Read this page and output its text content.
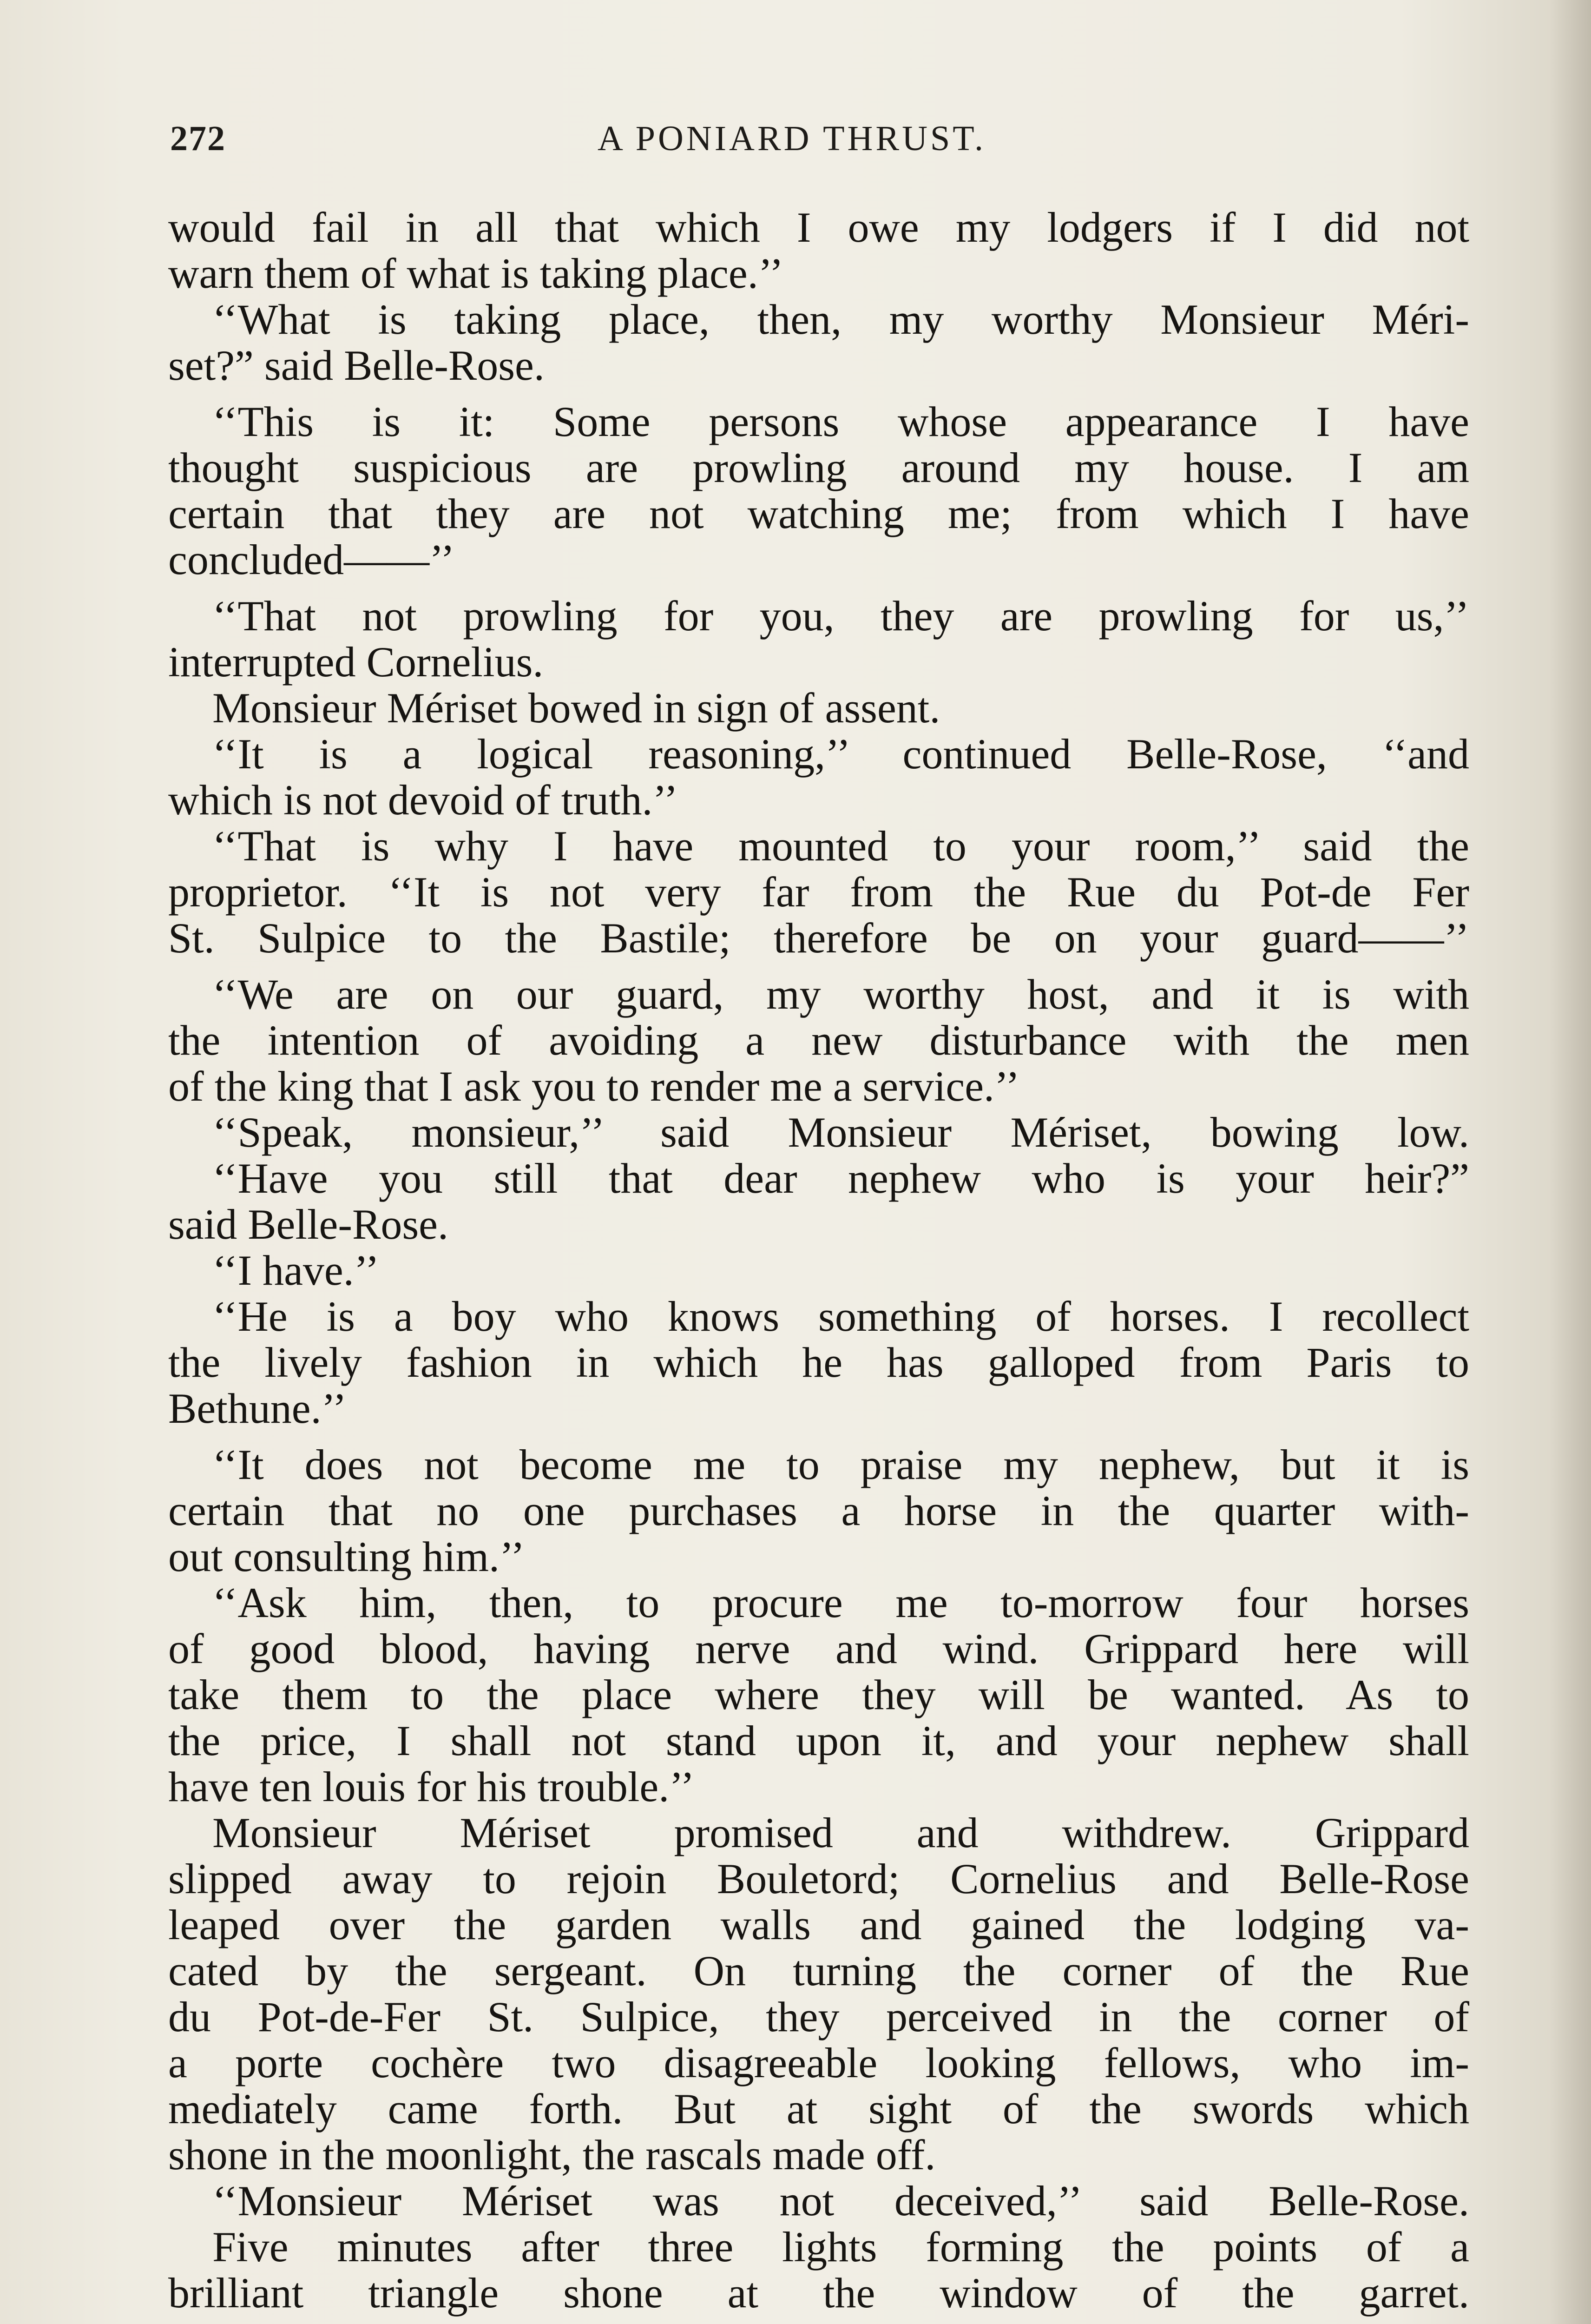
272	A PONIARD THRUST.
would fail in all that which I owe my lodgers if I did not
warn them of what is taking place.’’
‘‘What is taking place, then, my worthy Monsieur Méri-
set?” said Belle-Rose.
‘‘This is it: Some persons whose appearance I have
thought suspicious are prowling around my house. I am
certain that they are not watching me; from which I have
concluded——’’
‘‘That not prowling for you, they are prowling for us,’’
interrupted Cornelius.
Monsieur Mériset bowed in sign of assent.
‘‘It is a logical reasoning,’’ continued Belle-Rose, ‘‘and
which is not devoid of truth.’’
‘‘That is why I have mounted to your room,’’ said the
proprietor. ‘‘It is not very far from the Rue du Pot-de Fer
St. Sulpice to the Bastile; therefore be on your guard——’’
‘‘We are on our guard, my worthy host, and it is with
the intention of avoiding a new disturbance with the men
of the king that I ask you to render me a service.’’
‘‘Speak, monsieur,’’ said Monsieur Mériset, bowing low.
‘‘Have you still that dear nephew who is your heir?”
said Belle-Rose.
‘‘I have.’’
‘‘He is a boy who knows something of horses. I recollect
the lively fashion in which he has galloped from Paris to
Bethune.’’
‘‘It does not become me to praise my nephew, but it is
certain that no one purchases a horse in the quarter with-
out consulting him.’’
‘‘Ask him, then, to procure me to-morrow four horses
of good blood, having nerve and wind. Grippard here will
take them to the place where they will be wanted. As to
the price, I shall not stand upon it, and your nephew shall
have ten louis for his trouble.’’
Monsieur Mériset promised and withdrew. Grippard
slipped away to rejoin Bouletord; Cornelius and Belle-Rose
leaped over the garden walls and gained the lodging va-
cated by the sergeant. On turning the corner of the Rue
du Pot-de-Fer St. Sulpice, they perceived in the corner of
a porte cochère two disagreeable looking fellows, who im-
mediately came forth. But at sight of the swords which
shone in the moonlight, the rascals made off.
‘‘Monsieur Mériset was not deceived,’’ said Belle-Rose.
Five minutes after three lights forming the points of a
brilliant triangle shone at the window of the garret.
